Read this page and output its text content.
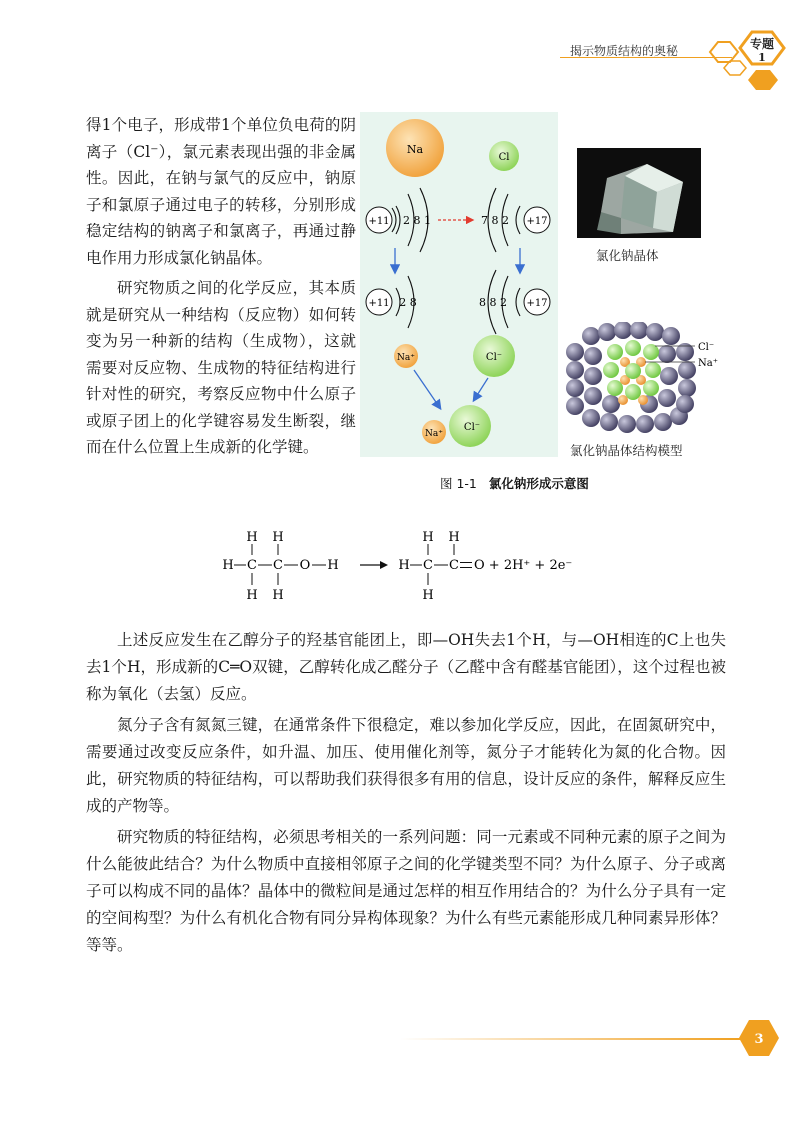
揭示物质结构的奥秘	专题
1

得1个电子，形成带1个单位负电荷的阴离子（Cl⁻），氯元素表现出强的非金属性。因此，在钠与氯气的反应中，钠原子和氯原子通过电子的转移，分别形成稳定结构的钠离子和氯离子，再通过静电作用力形成氯化钠晶体。

研究物质之间的化学反应，其本质就是研究从一种结构（反应物）如何转变为另一种新的结构（生成物），这就需要对反应物、生成物的特征结构进行针对性的研究，考察反应物中什么原子或原子团上的化学键容易发生断裂，继而在什么位置上生成新的化学键。

Na
Cl
+11 2 8 1	+17
7 8 2
+11 2 8	+17
8 8 2
Na⁺	Cl⁻
Cl⁻
Na⁺
氯化钠晶体
Cl⁻
Na⁺
氯化钠晶体结构模型
图 1-1 氯化钠形成示意图
H H
H C C O H
H H
H H
H C C O + 2H⁺ + 2e⁻
H

上述反应发生在乙醇分子的羟基官能团上，即—OH失去1个H，与—OH相连的C上也失去1个H，形成新的C═O双键，乙醇转化成乙醛分子（乙醛中含有醛基官能团），这个过程也被称为氧化（去氢）反应。

氮分子含有氮氮三键，在通常条件下很稳定，难以参加化学反应，因此，在固氮研究中，需要通过改变反应条件，如升温、加压、使用催化剂等，氮分子才能转化为氮的化合物。因此，研究物质的特征结构，可以帮助我们获得很多有用的信息，设计反应的条件，解释反应生成的产物等。

研究物质的特征结构，必须思考相关的一系列问题：同一元素或不同种元素的原子之间为什么能彼此结合？为什么物质中直接相邻原子之间的化学键类型不同？为什么原子、分子或离子可以构成不同的晶体？晶体中的微粒间是通过怎样的相互作用结合的？为什么分子具有一定的空间构型？为什么有机化合物有同分异构体现象？为什么有些元素能形成几种同素异形体？等等。

3
